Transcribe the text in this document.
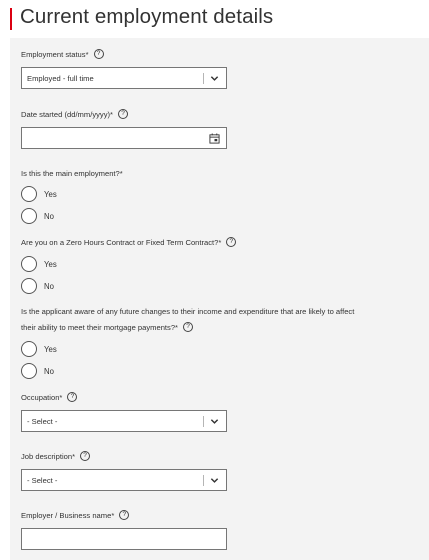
Current employment details
Employment status* ?
Employed - full time
Date started (dd/mm/yyyy)* ?
Is this the main employment?*
Yes
No
Are you on a Zero Hours Contract or Fixed Term Contract?* ?
Yes
No
Is the applicant aware of any future changes to their income and expenditure that are likely to affect
their ability to meet their mortgage payments?* ?
Yes
No
Occupation* ?
- Select -
Job description* ?
- Select -
Employer / Business name* ?
